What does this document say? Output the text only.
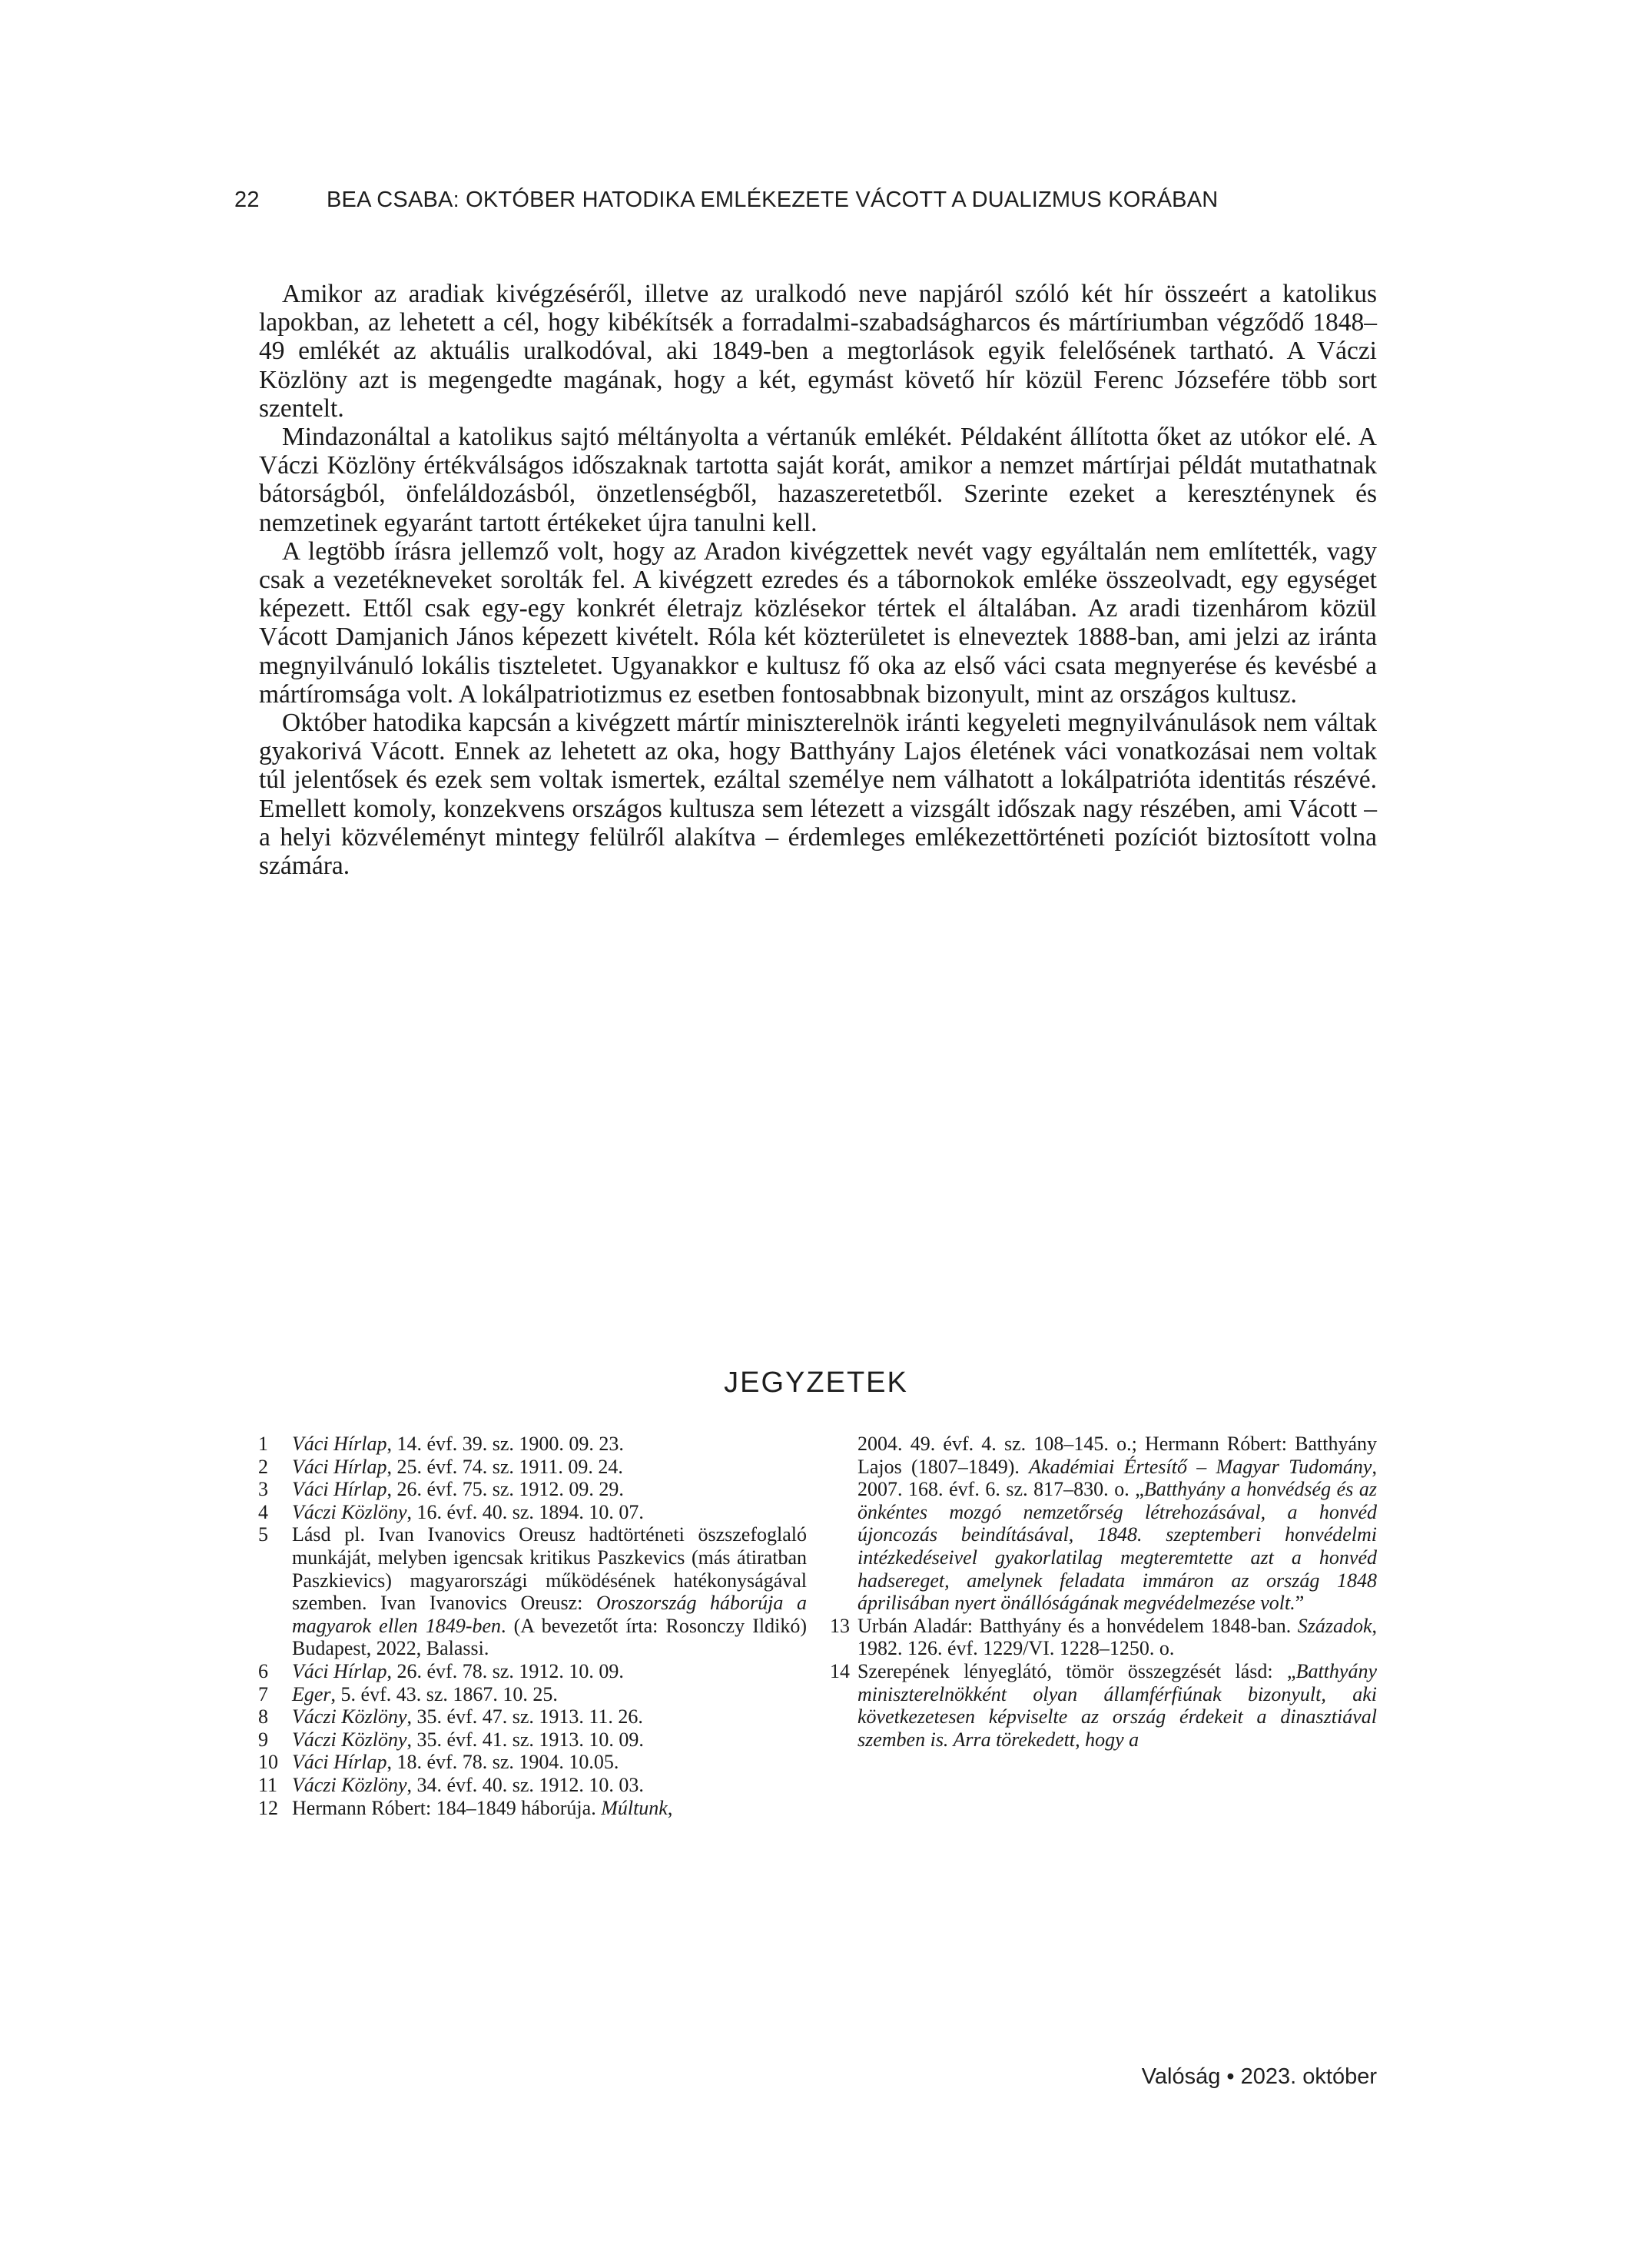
22	BEA CSABA: OKTÓBER HATODIKA EMLÉKEZETE VÁCOTT A DUALIZMUS KORÁBAN

Amikor az aradiak kivégzéséről, illetve az uralkodó neve napjáról szóló két hír összeért a katolikus lapokban, az lehetett a cél, hogy kibékítsék a forradalmi-szabadságharcos és mártíriumban végződő 1848–49 emlékét az aktuális uralkodóval, aki 1849-ben a megtorlások egyik felelősének tartható. A Váczi Közlöny azt is megengedte magának, hogy a két, egymást követő hír közül Ferenc Józsefére több sort szentelt.

Mindazonáltal a katolikus sajtó méltányolta a vértanúk emlékét. Példaként állította őket az utókor elé. A Váczi Közlöny értékválságos időszaknak tartotta saját korát, amikor a nemzet mártírjai példát mutathatnak bátorságból, önfeláldozásból, önzetlenségből, hazaszeretetből. Szerinte ezeket a kereszténynek és nemzetinek egyaránt tartott értékeket újra tanulni kell.

A legtöbb írásra jellemző volt, hogy az Aradon kivégzettek nevét vagy egyáltalán nem említették, vagy csak a vezetékneveket sorolták fel. A kivégzett ezredes és a tábornokok emléke összeolvadt, egy egységet képezett. Ettől csak egy-egy konkrét életrajz közlésekor tértek el általában. Az aradi tizenhárom közül Vácott Damjanich János képezett kivételt. Róla két közterületet is elneveztek 1888-ban, ami jelzi az iránta megnyilvánuló lokális tiszteletet. Ugyanakkor e kultusz fő oka az első váci csata megnyerése és kevésbé a mártíromsága volt. A lokálpatriotizmus ez esetben fontosabbnak bizonyult, mint az országos kultusz.

Október hatodika kapcsán a kivégzett mártír miniszterelnök iránti kegyeleti megnyilvánulások nem váltak gyakorivá Vácott. Ennek az lehetett az oka, hogy Batthyány Lajos életének váci vonatkozásai nem voltak túl jelentősek és ezek sem voltak ismertek, ezáltal személye nem válhatott a lokálpatrióta identitás részévé. Emellett komoly, konzekvens országos kultusza sem létezett a vizsgált időszak nagy részében, ami Vácott – a helyi közvéleményt mintegy felülről alakítva – érdemleges emlékezettörténeti pozíciót biztosított volna számára.

JEGYZETEK
1 Váci Hírlap, 14. évf. 39. sz. 1900. 09. 23.
2 Váci Hírlap, 25. évf. 74. sz. 1911. 09. 24.
3 Váci Hírlap, 26. évf. 75. sz. 1912. 09. 29.
4 Váczi Közlöny, 16. évf. 40. sz. 1894. 10. 07.
5 Lásd pl. Ivan Ivanovics Oreusz hadtörténeti öszszefoglaló munkáját, melyben igencsak kritikus Paszkevics (más átiratban Paszkievics) magyarországi működésének hatékonyságával szemben. Ivan Ivanovics Oreusz: Oroszország háborúja a magyarok ellen 1849-ben. (A bevezetőt írta: Rosonczy Ildikó) Budapest, 2022, Balassi.
6 Váci Hírlap, 26. évf. 78. sz. 1912. 10. 09.
7 Eger, 5. évf. 43. sz. 1867. 10. 25.
8 Váczi Közlöny, 35. évf. 47. sz. 1913. 11. 26.
9 Váczi Közlöny, 35. évf. 41. sz. 1913. 10. 09.
10 Váci Hírlap, 18. évf. 78. sz. 1904. 10.05.
11 Váczi Közlöny, 34. évf. 40. sz. 1912. 10. 03.
12 Hermann Róbert: 184–1849 háborúja. Múltunk,
2004. 49. évf. 4. sz. 108–145. o.; Hermann Róbert: Batthyány Lajos (1807–1849). Akadémiai Értesítő – Magyar Tudomány, 2007. 168. évf. 6. sz. 817–830. o. „Batthyány a honvédség és az önkéntes mozgó nemzetőrség létrehozásával, a honvéd újoncozás beindításával, 1848. szeptemberi honvédelmi intézkedéseivel gyakorlatilag megteremtette azt a honvéd hadsereget, amelynek feladata immáron az ország 1848 áprilisában nyert önállóságának megvédelmezése volt.”
13 Urbán Aladár: Batthyány és a honvédelem 1848-ban. Századok, 1982. 126. évf. 1229/VI. 1228–1250. o.
14 Szerepének lényeglátó, tömör összegzését lásd: „Batthyány miniszterelnökként olyan államférfiúnak bizonyult, aki következetesen képviselte az ország érdekeit a dinasztiával szemben is. Arra törekedett, hogy a
Valóság • 2023. október
